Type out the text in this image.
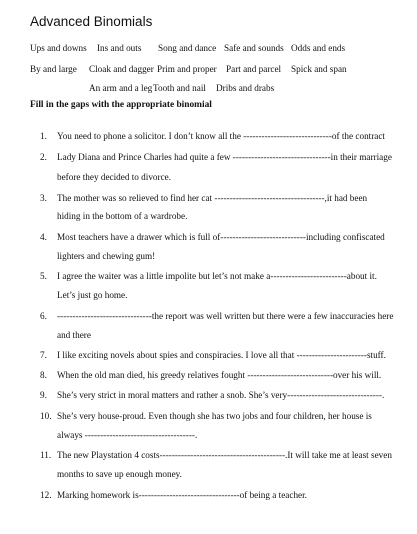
Advanced Binomials
Ups and downs Ins and outs Song and dance Safe and sounds Odds and ends
By and large Cloak and dagger Prim and proper Part and parcel Spick and span
An arm and a leg Tooth and nail Dribs and drabs
Fill in the gaps with the appropriate binomial
1. You need to phone a solicitor. I don’t know all the -----------------------------of the contract
2. Lady Diana and Prince Charles had quite a few --------------------------------in their marriage
before they decided to divorce.
3. The mother was so relieved to find her cat ------------------------------------,it had been
hiding in the bottom of a wardrobe.
4. Most teachers have a drawer which is full of----------------------------including confiscated
lighters and chewing gum!
5. I agree the waiter was a little impolite but let’s not make a-------------------------about it.
Let’s just go home.
6. -------------------------------the report was well written but there were a few inaccuracies here
and there
7. I like exciting novels about spies and conspiracies. I love all that -----------------------stuff.
8. When the old man died, his greedy relatives fought ----------------------------over his will.
9. She’s very strict in moral matters and rather a snob. She’s very-------------------------------.
10. She’s very house-proud. Even though she has two jobs and four children, her house is
always ------------------------------------.
11. The new Playstation 4 costs-----------------------------------------.It will take me at least seven
months to save up enough money.
12. Marking homework is---------------------------------of being a teacher.
